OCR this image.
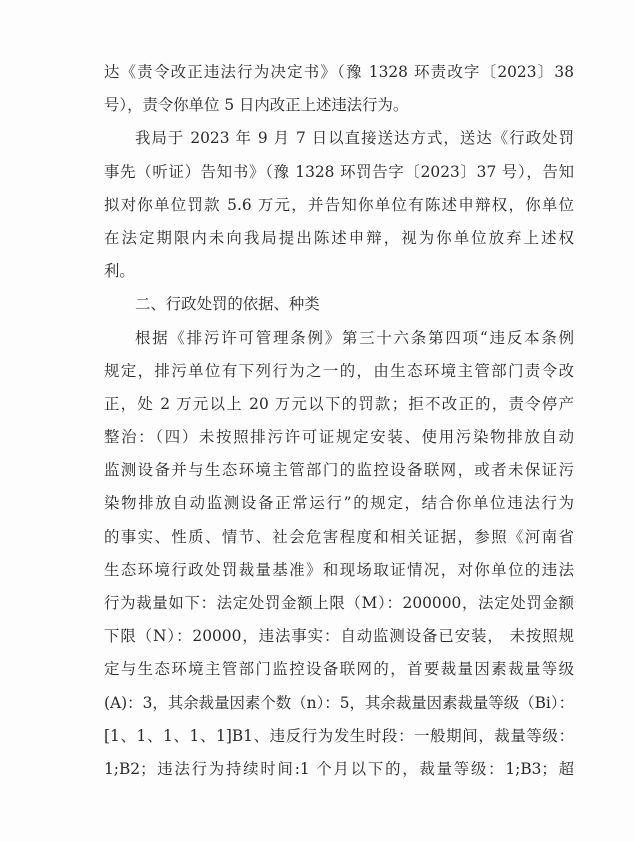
达《责令改正违法行为决定书》（豫 1328 环责改字〔2023〕38
号），责令你单位 5 日内改正上述违法行为。
我局于 2023 年 9 月 7 日以直接送达方式，送达《行政处罚
事先（听证）告知书》（豫 1328 环罚告字〔2023〕37 号），告知
拟对你单位罚款 5.6 万元，并告知你单位有陈述申辩权，你单位
在法定期限内未向我局提出陈述申辩，视为你单位放弃上述权
利。
二、行政处罚的依据、种类
根据《排污许可管理条例》第三十六条第四项“违反本条例
规定，排污单位有下列行为之一的，由生态环境主管部门责令改
正，处 2 万元以上 20 万元以下的罚款；拒不改正的，责令停产
整治：（四）未按照排污许可证规定安装、使用污染物排放自动
监测设备并与生态环境主管部门的监控设备联网，或者未保证污
染物排放自动监测设备正常运行”的规定，结合你单位违法行为
的事实、性质、情节、社会危害程度和相关证据，参照《河南省
生态环境行政处罚裁量基准》和现场取证情况，对你单位的违法
行为裁量如下：法定处罚金额上限（M）：200000，法定处罚金额
下限（N）：20000，违法事实：自动监测设备已安装， 未按照规
定与生态环境主管部门监控设备联网的，首要裁量因素裁量等级
(A)：3，其余裁量因素个数（n）：5，其余裁量因素裁量等级（Bi）：
[1、1、1、1、1]B1、违反行为发生时段：一般期间，裁量等级：
1;B2；违法行为持续时间:1 个月以下的，裁量等级：1;B3；超
